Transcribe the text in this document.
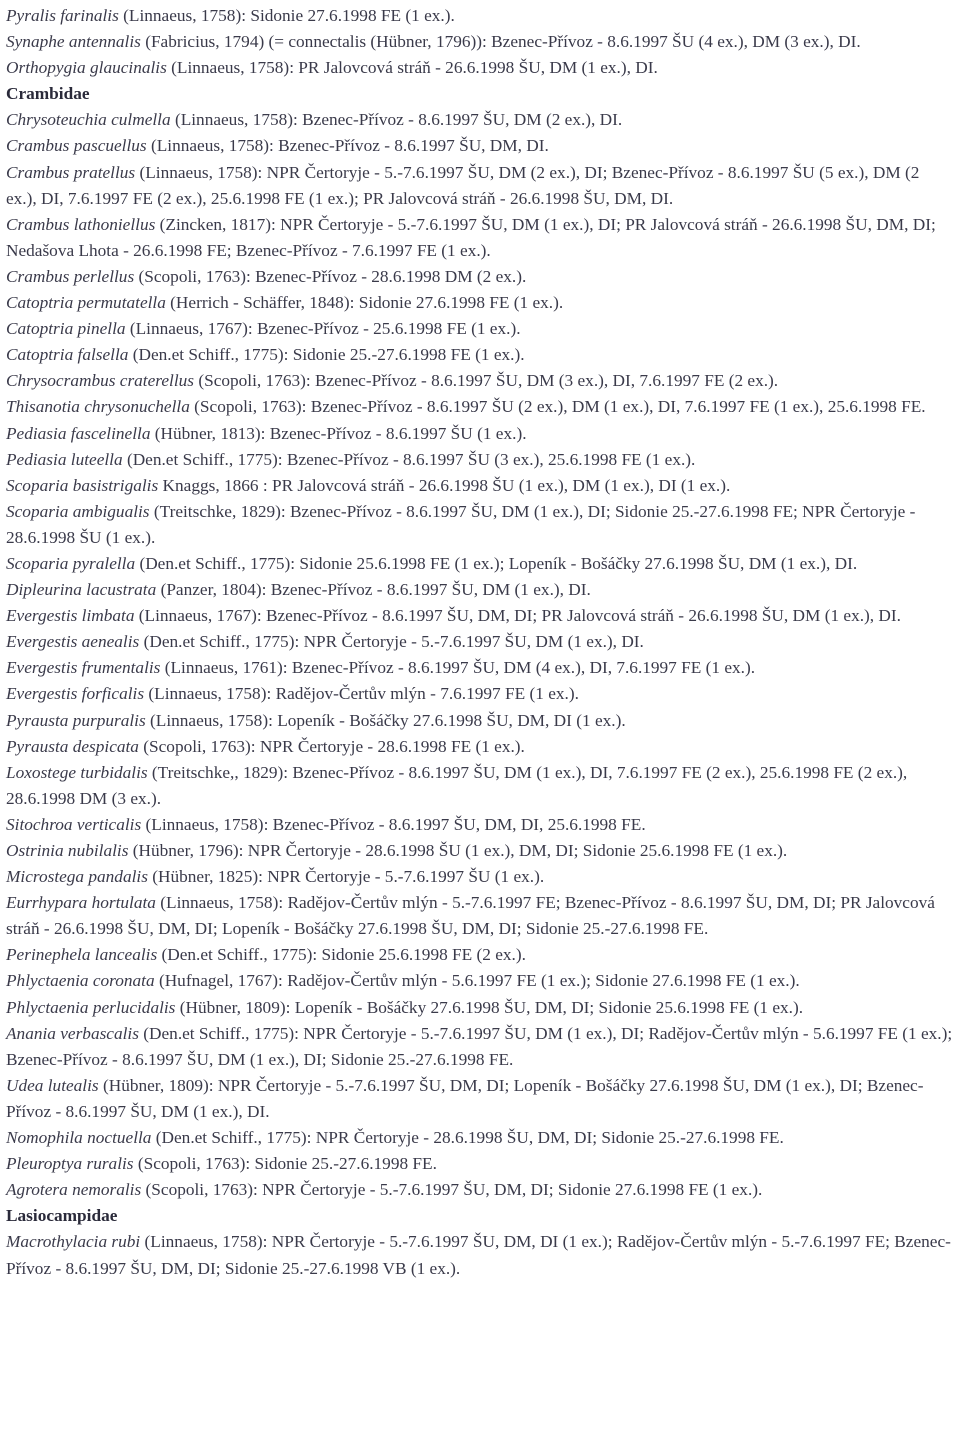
Pyralis farinalis (Linnaeus, 1758): Sidonie 27.6.1998 FE (1 ex.).

Synaphe antennalis (Fabricius, 1794) (= connectalis (Hübner, 1796)): Bzenec-Přívoz - 8.6.1997 ŠU (4 ex.), DM (3 ex.), DI.

Orthopygia glaucinalis (Linnaeus, 1758): PR Jalovcová stráň - 26.6.1998 ŠU, DM (1 ex.), DI.

Crambidae

Chrysoteuchia culmella (Linnaeus, 1758): Bzenec-Přívoz - 8.6.1997 ŠU, DM (2 ex.), DI.

Crambus pascuellus (Linnaeus, 1758): Bzenec-Přívoz - 8.6.1997 ŠU, DM, DI.

Crambus pratellus (Linnaeus, 1758): NPR Čertoryje - 5.-7.6.1997 ŠU, DM (2 ex.), DI; Bzenec-Přívoz - 8.6.1997 ŠU (5 ex.), DM (2 ex.), DI, 7.6.1997 FE (2 ex.), 25.6.1998 FE (1 ex.); PR Jalovcová stráň - 26.6.1998 ŠU, DM, DI.

Crambus lathoniellus (Zincken, 1817): NPR Čertoryje - 5.-7.6.1997 ŠU, DM (1 ex.), DI; PR Jalovcová stráň - 26.6.1998 ŠU, DM, DI; Nedašova Lhota - 26.6.1998 FE; Bzenec-Přívoz - 7.6.1997 FE (1 ex.).

Crambus perlellus (Scopoli, 1763): Bzenec-Přívoz - 28.6.1998 DM (2 ex.).

Catoptria permutatella (Herrich - Schäffer, 1848): Sidonie 27.6.1998 FE (1 ex.).

Catoptria pinella (Linnaeus, 1767): Bzenec-Přívoz - 25.6.1998 FE (1 ex.).

Catoptria falsella (Den.et Schiff., 1775): Sidonie 25.-27.6.1998 FE (1 ex.).

Chrysocrambus craterellus (Scopoli, 1763): Bzenec-Přívoz - 8.6.1997 ŠU, DM (3 ex.), DI, 7.6.1997 FE (2 ex.).

Thisanotia chrysonuchella (Scopoli, 1763): Bzenec-Přívoz - 8.6.1997 ŠU (2 ex.), DM (1 ex.), DI, 7.6.1997 FE (1 ex.), 25.6.1998 FE.

Pediasia fascelinella (Hübner, 1813): Bzenec-Přívoz - 8.6.1997 ŠU (1 ex.).

Pediasia luteella (Den.et Schiff., 1775): Bzenec-Přívoz - 8.6.1997 ŠU (3 ex.), 25.6.1998 FE (1 ex.).

Scoparia basistrigalis Knaggs, 1866 : PR Jalovcová stráň - 26.6.1998 ŠU (1 ex.), DM (1 ex.), DI (1 ex.).

Scoparia ambigualis (Treitschke, 1829): Bzenec-Přívoz - 8.6.1997 ŠU, DM (1 ex.), DI; Sidonie 25.-27.6.1998 FE; NPR Čertoryje - 28.6.1998 ŠU (1 ex.).

Scoparia pyralella (Den.et Schiff., 1775): Sidonie 25.6.1998 FE (1 ex.); Lopeník - Bošáčky 27.6.1998 ŠU, DM (1 ex.), DI.

Dipleurina lacustrata (Panzer, 1804): Bzenec-Přívoz - 8.6.1997 ŠU, DM (1 ex.), DI.

Evergestis limbata (Linnaeus, 1767): Bzenec-Přívoz - 8.6.1997 ŠU, DM, DI; PR Jalovcová stráň - 26.6.1998 ŠU, DM (1 ex.), DI.

Evergestis aenealis (Den.et Schiff., 1775): NPR Čertoryje - 5.-7.6.1997 ŠU, DM (1 ex.), DI.

Evergestis frumentalis (Linnaeus, 1761): Bzenec-Přívoz - 8.6.1997 ŠU, DM (4 ex.), DI, 7.6.1997 FE (1 ex.).

Evergestis forficalis (Linnaeus, 1758): Radějov-Čertův mlýn - 7.6.1997 FE (1 ex.).

Pyrausta purpuralis (Linnaeus, 1758): Lopeník - Bošáčky 27.6.1998 ŠU, DM, DI (1 ex.).

Pyrausta despicata (Scopoli, 1763): NPR Čertoryje - 28.6.1998 FE (1 ex.).

Loxostege turbidalis (Treitschke,, 1829): Bzenec-Přívoz - 8.6.1997 ŠU, DM (1 ex.), DI, 7.6.1997 FE (2 ex.), 25.6.1998 FE (2 ex.), 28.6.1998 DM (3 ex.).

Sitochroa verticalis (Linnaeus, 1758): Bzenec-Přívoz - 8.6.1997 ŠU, DM, DI, 25.6.1998 FE.

Ostrinia nubilalis (Hübner, 1796): NPR Čertoryje - 28.6.1998 ŠU (1 ex.), DM, DI; Sidonie 25.6.1998 FE (1 ex.).

Microstega pandalis (Hübner, 1825): NPR Čertoryje - 5.-7.6.1997 ŠU (1 ex.).

Eurrhypara hortulata (Linnaeus, 1758): Radějov-Čertův mlýn - 5.-7.6.1997 FE; Bzenec-Přívoz - 8.6.1997 ŠU, DM, DI; PR Jalovcová stráň - 26.6.1998 ŠU, DM, DI; Lopeník - Bošáčky 27.6.1998 ŠU, DM, DI; Sidonie 25.-27.6.1998 FE.

Perinephela lancealis (Den.et Schiff., 1775): Sidonie 25.6.1998 FE (2 ex.).

Phlyctaenia coronata (Hufnagel, 1767): Radějov-Čertův mlýn - 5.6.1997 FE (1 ex.); Sidonie 27.6.1998 FE (1 ex.).

Phlyctaenia perlucidalis (Hübner, 1809): Lopeník - Bošáčky 27.6.1998 ŠU, DM, DI; Sidonie 25.6.1998 FE (1 ex.).

Anania verbascalis (Den.et Schiff., 1775): NPR Čertoryje - 5.-7.6.1997 ŠU, DM (1 ex.), DI; Radějov-Čertův mlýn - 5.6.1997 FE (1 ex.); Bzenec-Přívoz - 8.6.1997 ŠU, DM (1 ex.), DI; Sidonie 25.-27.6.1998 FE.

Udea lutealis (Hübner, 1809): NPR Čertoryje - 5.-7.6.1997 ŠU, DM, DI; Lopeník - Bošáčky 27.6.1998 ŠU, DM (1 ex.), DI; Bzenec-Přívoz - 8.6.1997 ŠU, DM (1 ex.), DI.

Nomophila noctuella (Den.et Schiff., 1775): NPR Čertoryje - 28.6.1998 ŠU, DM, DI; Sidonie 25.-27.6.1998 FE.

Pleuroptya ruralis (Scopoli, 1763): Sidonie 25.-27.6.1998 FE.

Agrotera nemoralis (Scopoli, 1763): NPR Čertoryje - 5.-7.6.1997 ŠU, DM, DI; Sidonie 27.6.1998 FE (1 ex.).

Lasiocampidae

Macrothylacia rubi (Linnaeus, 1758): NPR Čertoryje - 5.-7.6.1997 ŠU, DM, DI (1 ex.); Radějov-Čertův mlýn - 5.-7.6.1997 FE; Bzenec-Přívoz - 8.6.1997 ŠU, DM, DI; Sidonie 25.-27.6.1998 VB (1 ex.).
